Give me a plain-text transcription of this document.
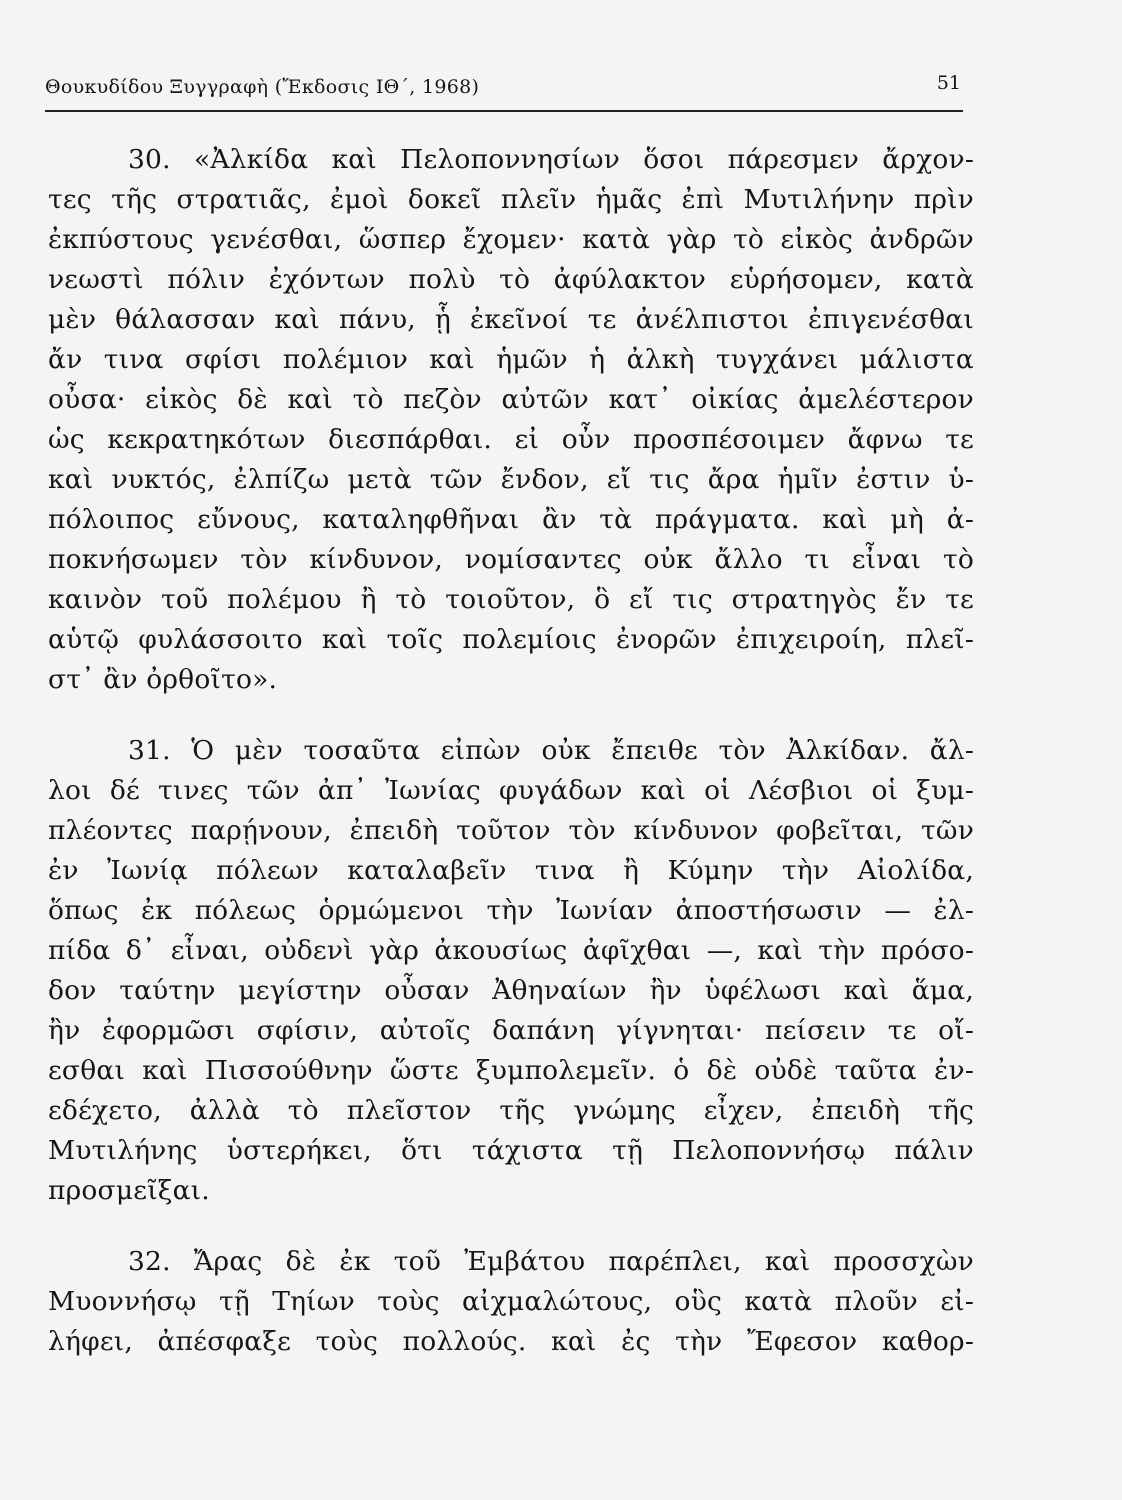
Θουκυδίδου Ξυγγραφὴ (Ἔκδοσις ΙΘ΄, 1968)	51
30. «Ἀλκίδα καὶ Πελοποννησίων ὅσοι πάρεσμεν ἄρχον-
τες τῆς στρατιᾶς, ἐμοὶ δοκεῖ πλεῖν ἡμᾶς ἐπὶ Μυτιλήνην πρὶν
ἐκπύστους γενέσθαι, ὥσπερ ἔχομεν· κατὰ γὰρ τὸ εἰκὸς ἀνδρῶν
νεωστὶ πόλιν ἐχόντων πολὺ τὸ ἀφύλακτον εὑρήσομεν, κατὰ
μὲν θάλασσαν καὶ πάνυ, ᾗ ἐκεῖνοί τε ἀνέλπιστοι ἐπιγενέσθαι
ἄν τινα σφίσι πολέμιον καὶ ἡμῶν ἡ ἀλκὴ τυγχάνει μάλιστα
οὖσα· εἰκὸς δὲ καὶ τὸ πεζὸν αὐτῶν κατ᾽ οἰκίας ἀμελέστερον
ὡς κεκρατηκότων διεσπάρθαι. εἰ οὖν προσπέσοιμεν ἄφνω τε
καὶ νυκτός, ἐλπίζω μετὰ τῶν ἔνδον, εἴ τις ἄρα ἡμῖν ἐστιν ὑ-
πόλοιπος εὔνους, καταληφθῆναι ἂν τὰ πράγματα. καὶ μὴ ἀ-
ποκνήσωμεν τὸν κίνδυνον, νομίσαντες οὐκ ἄλλο τι εἶναι τὸ
καινὸν τοῦ πολέμου ἢ τὸ τοιοῦτον, ὃ εἴ τις στρατηγὸς ἔν τε
αὑτῷ φυλάσσοιτο καὶ τοῖς πολεμίοις ἐνορῶν ἐπιχειροίη, πλεῖ-
στ᾽ ἂν ὀρθοῖτο».
31. Ὁ μὲν τοσαῦτα εἰπὼν οὐκ ἔπειθε τὸν Ἀλκίδαν. ἄλ-
λοι δέ τινες τῶν ἀπ᾽ Ἰωνίας φυγάδων καὶ οἱ Λέσβιοι οἱ ξυμ-
πλέοντες παρῄνουν, ἐπειδὴ τοῦτον τὸν κίνδυνον φοβεῖται, τῶν
ἐν Ἰωνίᾳ πόλεων καταλαβεῖν τινα ἢ Κύμην τὴν Αἰολίδα,
ὅπως ἐκ πόλεως ὁρμώμενοι τὴν Ἰωνίαν ἀποστήσωσιν — ἐλ-
πίδα δ᾽ εἶναι, οὐδενὶ γὰρ ἀκουσίως ἀφῖχθαι —, καὶ τὴν πρόσο-
δον ταύτην μεγίστην οὖσαν Ἀθηναίων ἢν ὑφέλωσι καὶ ἅμα,
ἢν ἐφορμῶσι σφίσιν, αὐτοῖς δαπάνη γίγνηται· πείσειν τε οἴ-
εσθαι καὶ Πισσούθνην ὥστε ξυμπολεμεῖν. ὁ δὲ οὐδὲ ταῦτα ἐν-
εδέχετο, ἀλλὰ τὸ πλεῖστον τῆς γνώμης εἶχεν, ἐπειδὴ τῆς
Μυτιλήνης ὑστερήκει, ὅτι τάχιστα τῇ Πελοποννήσῳ πάλιν
προσμεῖξαι.
32. Ἄρας δὲ ἐκ τοῦ Ἐμβάτου παρέπλει, καὶ προσσχὼν
Μυοννήσῳ τῇ Τηίων τοὺς αἰχμαλώτους, οὓς κατὰ πλοῦν εἰ-
λήφει, ἀπέσφαξε τοὺς πολλούς. καὶ ἐς τὴν Ἔφεσον καθορ-
